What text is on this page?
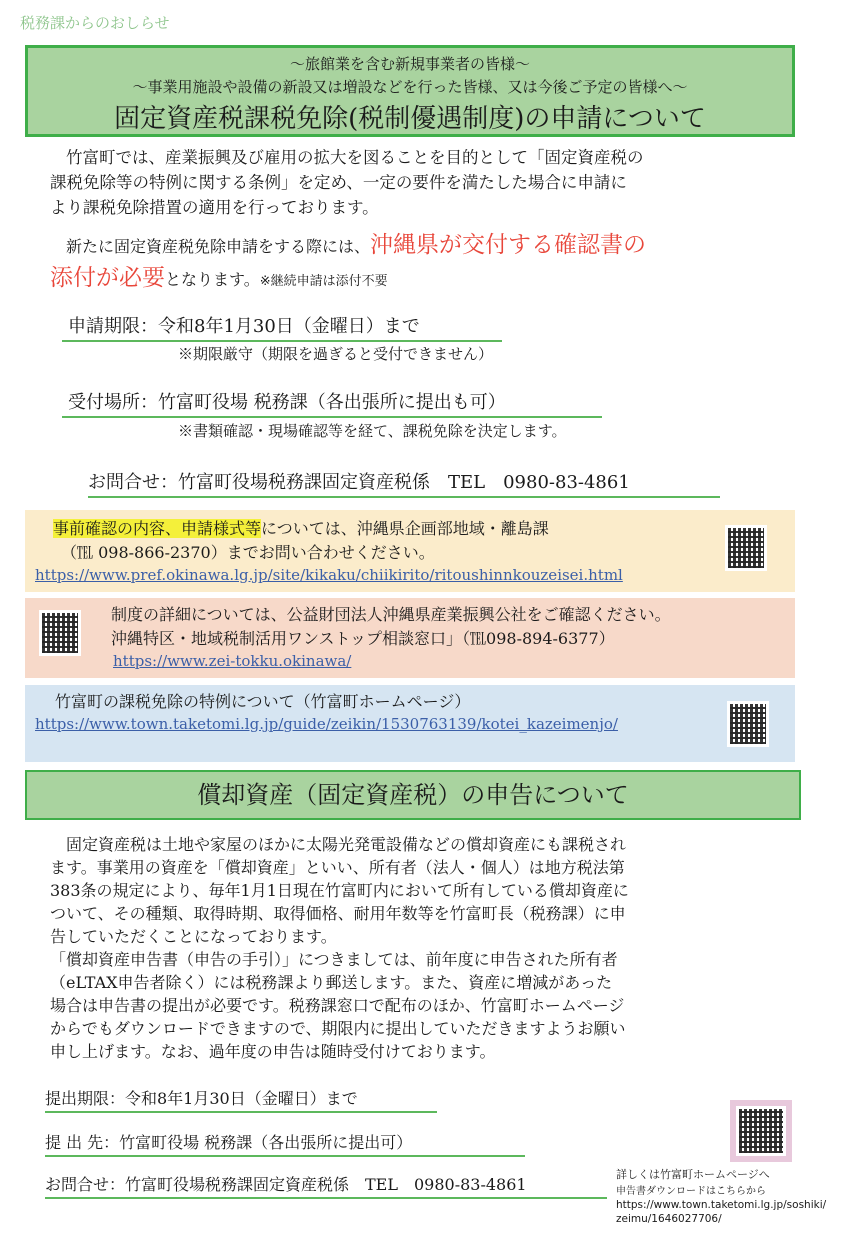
税務課からのおしらせ
～旅館業を含む新規事業者の皆様～
～事業用施設や設備の新設又は増設などを行った皆様、又は今後ご予定の皆様へ～
固定資産税課税免除(税制優遇制度)の申請について
竹富町では、産業振興及び雇用の拡大を図ることを目的として「固定資産税の
課税免除等の特例に関する条例」を定め、一定の要件を満たした場合に申請に
より課税免除措置の適用を行っております。
新たに固定資産税免除申請をする際には、沖縄県が交付する確認書の
添付が必要となります。※継続申請は添付不要
申請期限：令和8年1月30日（金曜日）まで
※期限厳守（期限を過ぎると受付できません）
受付場所：竹富町役場 税務課（各出張所に提出も可）
※書類確認・現場確認等を経て、課税免除を決定します。
お問合せ：竹富町役場税務課固定資産税係　TEL　0980-83-4861
事前確認の内容、申請様式等については、沖縄県企画部地域・離島課
（℡ 098-866-2370）までお問い合わせください。
https://www.pref.okinawa.lg.jp/site/kikaku/chiikirito/ritoushinnkouzeisei.html
制度の詳細については、公益財団法人沖縄県産業振興公社をご確認ください。
沖縄特区・地域税制活用ワンストップ相談窓口」（℡098-894-6377）
https://www.zei-tokku.okinawa/
竹富町の課税免除の特例について（竹富町ホームページ）
https://www.town.taketomi.lg.jp/guide/zeikin/1530763139/kotei_kazeimenjo/
償却資産（固定資産税）の申告について
固定資産税は土地や家屋のほかに太陽光発電設備などの償却資産にも課税され
ます。事業用の資産を「償却資産」といい、所有者（法人・個人）は地方税法第
383条の規定により、毎年1月1日現在竹富町内において所有している償却資産に
ついて、その種類、取得時期、取得価格、耐用年数等を竹富町長（税務課）に申
告していただくことになっております。
「償却資産申告書（申告の手引）」につきましては、前年度に申告された所有者
（eLTAX申告者除く）には税務課より郵送します。また、資産に増減があった
場合は申告書の提出が必要です。税務課窓口で配布のほか、竹富町ホームページ
からでもダウンロードできますので、期限内に提出していただきますようお願い
申し上げます。なお、過年度の申告は随時受付けております。
提出期限：令和8年1月30日（金曜日）まで
提 出 先：竹富町役場 税務課（各出張所に提出可）
お問合せ：竹富町役場税務課固定資産税係　TEL　0980-83-4861
詳しくは竹富町ホームページへ
申告書ダウンロードはこちらから
https://www.town.taketomi.lg.jp/soshiki/zeimu/1646027706/
